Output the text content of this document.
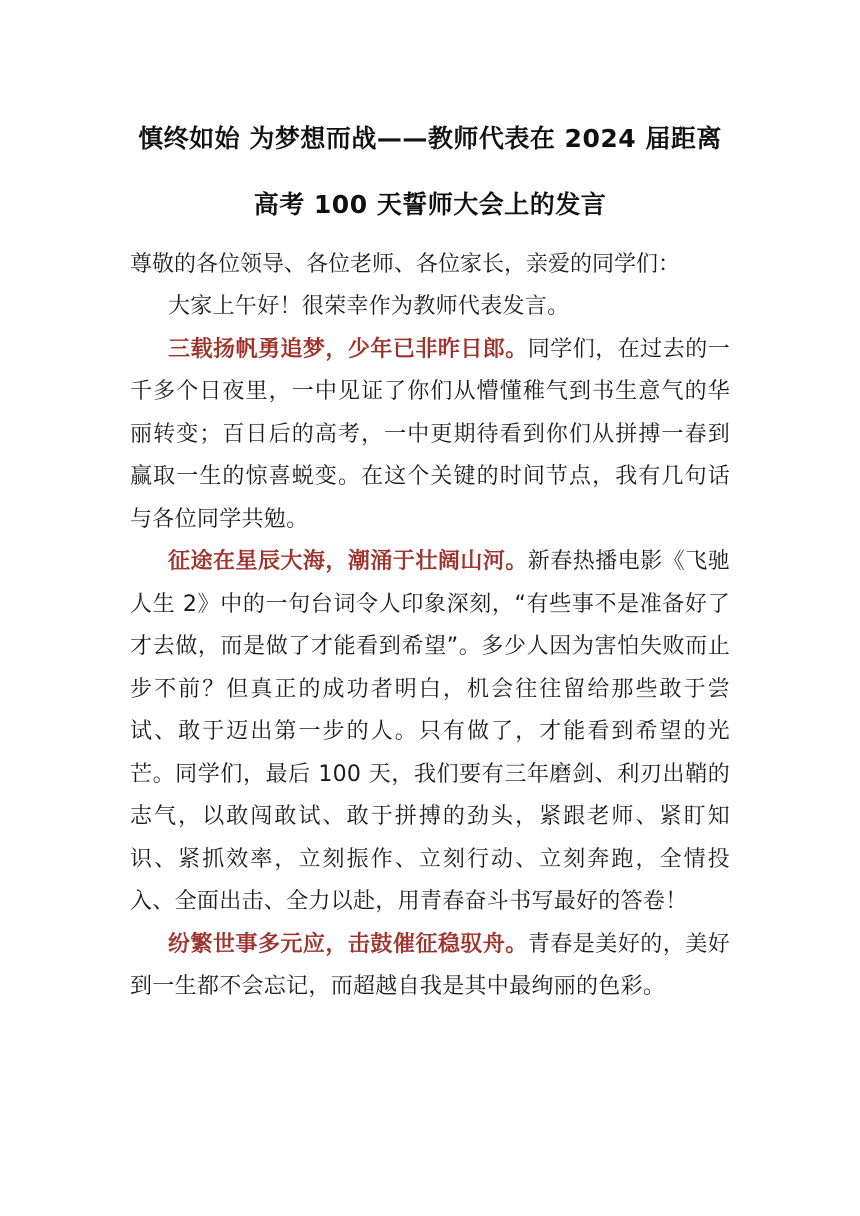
慎终如始 为梦想而战——教师代表在 2024 届距离
高考 100 天誓师大会上的发言
尊敬的各位领导、各位老师、各位家长，亲爱的同学们：

大家上午好！很荣幸作为教师代表发言。

三载扬帆勇追梦，少年已非昨日郎。同学们，在过去的一千多个日夜里，一中见证了你们从懵懂稚气到书生意气的华丽转变；百日后的高考，一中更期待看到你们从拼搏一春到赢取一生的惊喜蜕变。在这个关键的时间节点，我有几句话与各位同学共勉。

征途在星辰大海，潮涌于壮阔山河。新春热播电影《飞驰人生 2》中的一句台词令人印象深刻，“有些事不是准备好了才去做，而是做了才能看到希望”。多少人因为害怕失败而止步不前？但真正的成功者明白，机会往往留给那些敢于尝试、敢于迈出第一步的人。只有做了，才能看到希望的光芒。同学们，最后 100 天，我们要有三年磨剑、利刃出鞘的志气，以敢闯敢试、敢于拼搏的劲头，紧跟老师、紧盯知识、紧抓效率，立刻振作、立刻行动、立刻奔跑，全情投入、全面出击、全力以赴，用青春奋斗书写最好的答卷！

纷繁世事多元应，击鼓催征稳驭舟。青春是美好的，美好到一生都不会忘记，而超越自我是其中最绚丽的色彩。
